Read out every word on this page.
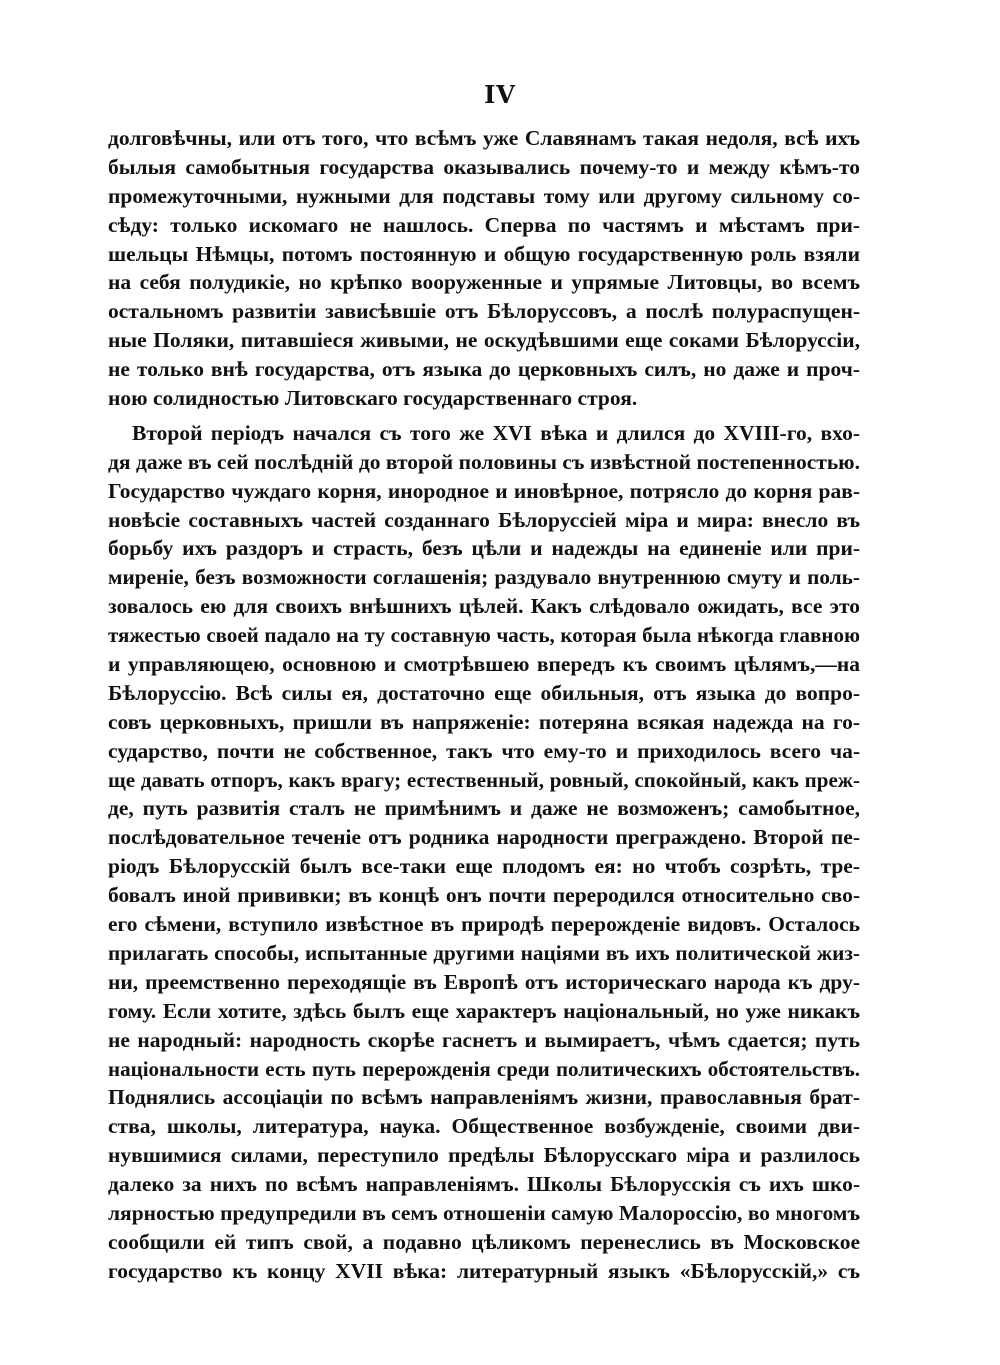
IV
долговѣчны, или отъ того, что всѣмъ уже Славянамъ такая недоля, всѣ ихъ
былыя самобытныя государства оказывались почему-то и между кѣмъ-то
промежуточными, нужными для подставы тому или другому сильному со-
сѣду: только искомаго не нашлось. Сперва по частямъ и мѣстамъ при-
шельцы Нѣмцы, потомъ постоянную и общую государственную роль взяли
на себя полудикіе, но крѣпко вооруженные и упрямые Литовцы, во всемъ
остальномъ развитіи зависѣвшіе отъ Бѣлоруссовъ, а послѣ полураспущен-
ные Поляки, питавшіеся живыми, не оскудѣвшими еще соками Бѣлоруссіи,
не только внѣ государства, отъ языка до церковныхъ силъ, но даже и проч-
ною солидностью Литовскаго государственнаго строя.
Второй періодъ начался съ того же XVI вѣка и длился до XVIII-го, вхо-
дя даже въ сей послѣдній до второй половины съ извѣстной постепенностью.
Государство чуждаго корня, инородное и иновѣрное, потрясло до корня рав-
новѣсіе составныхъ частей созданнаго Бѣлоруссіей міра и мира: внесло въ
борьбу ихъ раздоръ и страсть, безъ цѣли и надежды на единеніе или при-
миреніе, безъ возможности соглашенія; раздувало внутреннюю смуту и поль-
зовалось ею для своихъ внѣшнихъ цѣлей. Какъ слѣдовало ожидать, все это
тяжестью своей падало на ту составную часть, которая была нѣкогда главною
и управляющею, основною и смотрѣвшею впередъ къ своимъ цѣлямъ,—на
Бѣлоруссію. Всѣ силы ея, достаточно еще обильныя, отъ языка до вопро-
совъ церковныхъ, пришли въ напряженіе: потеряна всякая надежда на го-
сударство, почти не собственное, такъ что ему-то и приходилось всего ча-
ще давать отпоръ, какъ врагу; естественный, ровный, спокойный, какъ преж-
де, путь развитія сталъ не примѣнимъ и даже не возможенъ; самобытное,
послѣдовательное теченіе отъ родника народности преграждено. Второй пе-
ріодъ Бѣлорусскій былъ все-таки еще плодомъ ея: но чтобъ созрѣть, тре-
бовалъ иной прививки; въ концѣ онъ почти переродился относительно сво-
его сѣмени, вступило извѣстное въ природѣ перерожденіе видовъ. Осталось
прилагать способы, испытанные другими націями въ ихъ политической жиз-
ни, преемственно переходящіе въ Европѣ отъ историческаго народа къ дру-
гому. Если хотите, здѣсь былъ еще характеръ національный, но уже никакъ
не народный: народность скорѣе гаснетъ и вымираетъ, чѣмъ сдается; путь
національности есть путь перерожденія среди политическихъ обстоятельствъ.
Поднялись ассоціаціи по всѣмъ направленіямъ жизни, православныя брат-
ства, школы, литература, наука. Общественное возбужденіе, своими дви-
нувшимися силами, переступило предѣлы Бѣлорусскаго міра и разлилось
далеко за нихъ по всѣмъ направленіямъ. Школы Бѣлорусскія съ ихъ шко-
лярностью предупредили въ семъ отношеніи самую Малороссію, во многомъ
сообщили ей типъ свой, а подавно цѣликомъ перенеслись въ Московское
государство къ концу XVII вѣка: литературный языкъ «Бѣлорусскій,» съ
